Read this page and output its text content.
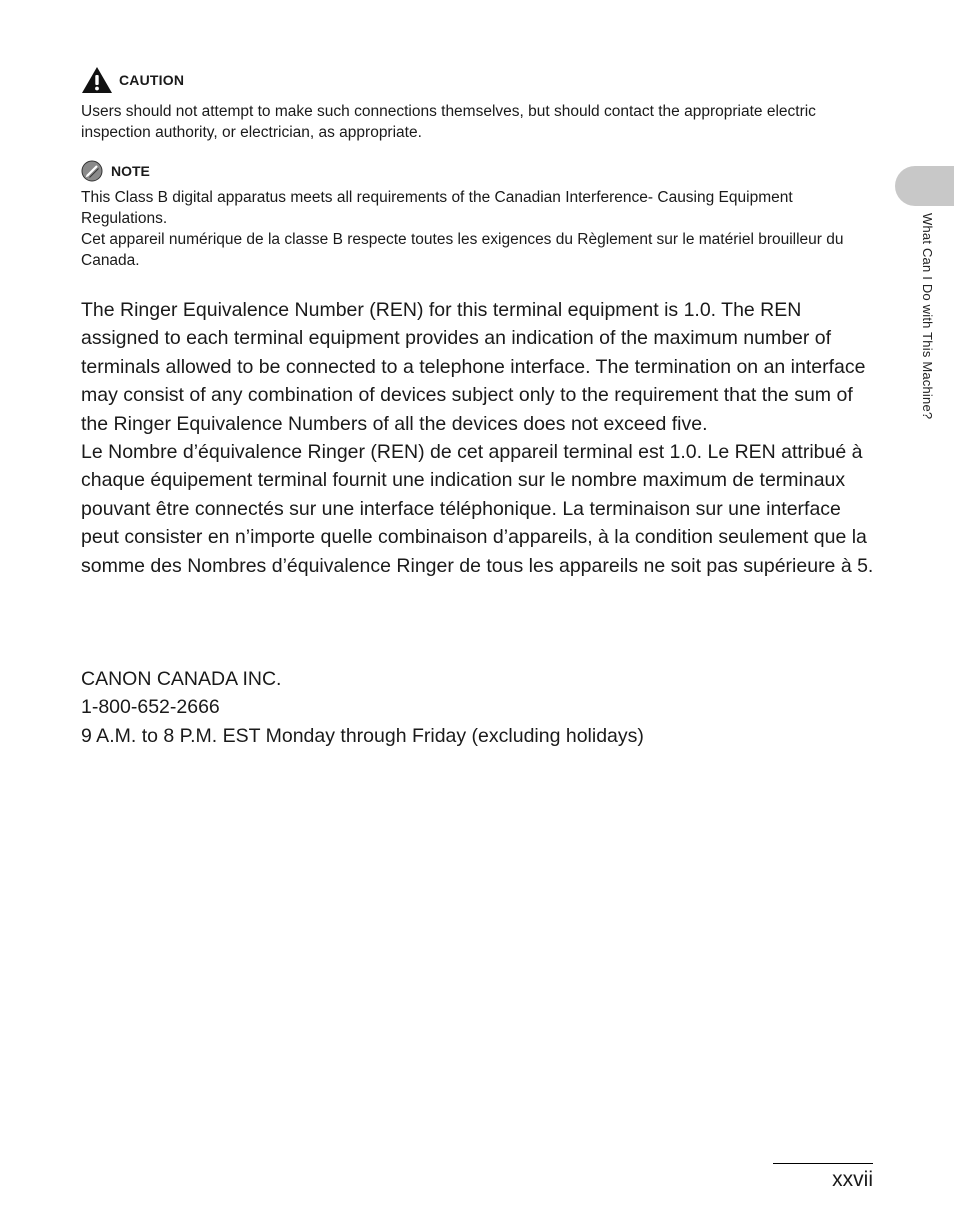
CAUTION
Users should not attempt to make such connections themselves, but should contact the appropriate electric inspection authority, or electrician, as appropriate.
NOTE

This Class B digital apparatus meets all requirements of the Canadian Interference- Causing Equipment Regulations.

Cet appareil numérique de la classe B respecte toutes les exigences du Règlement sur le matériel brouilleur du Canada.

The Ringer Equivalence Number (REN) for this terminal equipment is 1.0. The REN assigned to each terminal equipment provides an indication of the maximum number of terminals allowed to be connected to a telephone interface. The termination on an interface may consist of any combination of devices subject only to the requirement that the sum of the Ringer Equivalence Numbers of all the devices does not exceed five.

Le Nombre d’équivalence Ringer (REN) de cet appareil terminal est 1.0. Le REN attribué à chaque équipement terminal fournit une indication sur le nombre maximum de terminaux pouvant être connectés sur une interface téléphonique. La terminaison sur une interface peut consister en n’importe quelle combinaison d’appareils, à la condition seulement que la somme des Nombres d’équivalence Ringer de tous les appareils ne soit pas supérieure à 5.

CANON CANADA INC.

1-800-652-2666

9 A.M. to 8 P.M. EST Monday through Friday (excluding holidays)

What Can I Do with This Machine?
xxvii
